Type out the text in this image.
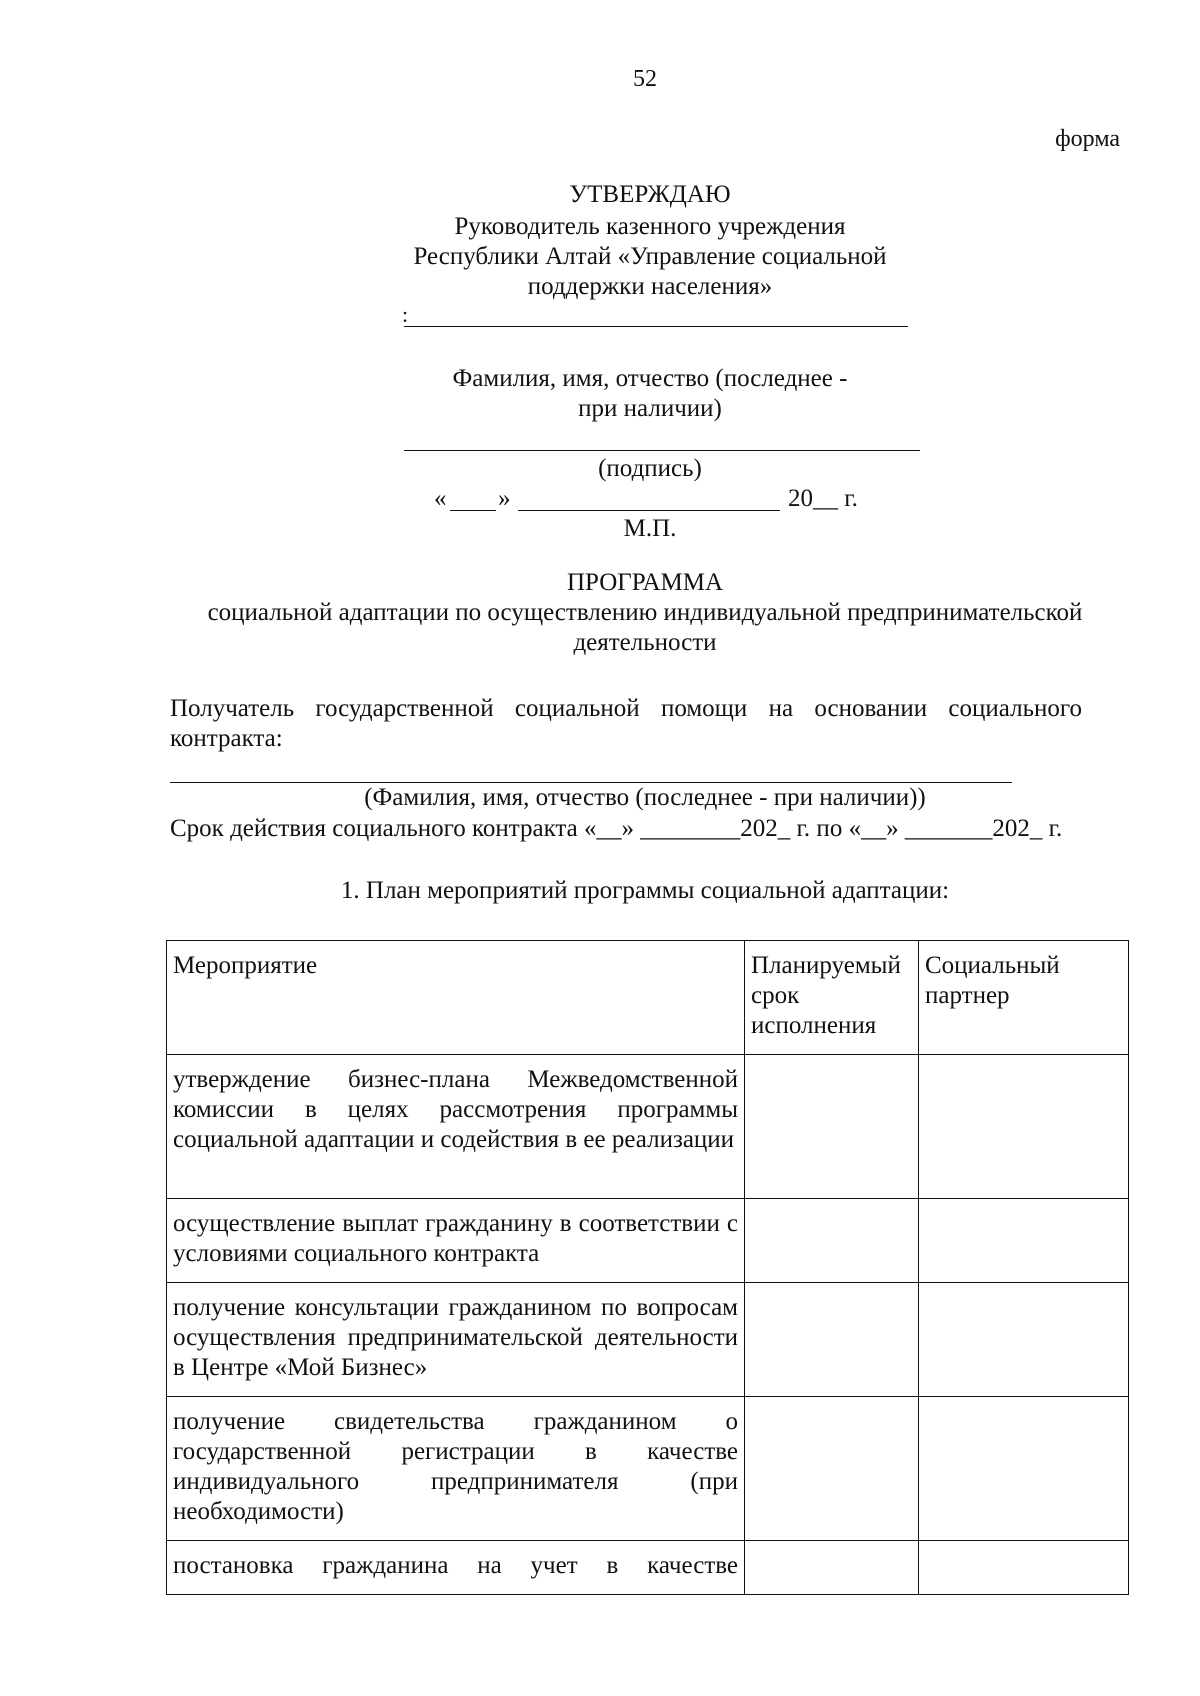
52
форма
УТВЕРЖДАЮ
Руководитель казенного учреждения
Республики Алтай «Управление социальной
поддержки населения»
:
Фамилия, имя, отчество (последнее -
при наличии)
(подпись)
« »	20__ г.
М.П.
ПРОГРАММА
социальной адаптации по осуществлению индивидуальной предпринимательской
деятельности
Получатель государственной социальной помощи на основании социального контракта:
(Фамилия, имя, отчество (последнее - при наличии))
Срок действия социального контракта «__» ________202_ г. по «__» _______202_ г.
1. План мероприятий программы социальной адаптации:
Мероприятие	Планируемый срок исполнения	Социальный партнер
утверждение бизнес-плана Межведомственной комиссии в целях рассмотрения программы социальной адаптации и содействия в ее реализации		
осуществление выплат гражданину в соответствии с условиями социального контракта		
получение консультации гражданином по вопросам осуществления предпринимательской деятельности в Центре «Мой Бизнес»		
получение свидетельства гражданином о государственной регистрации в качестве индивидуального предпринимателя (при необходимости)		
постановка гражданина на учет в качестве		
